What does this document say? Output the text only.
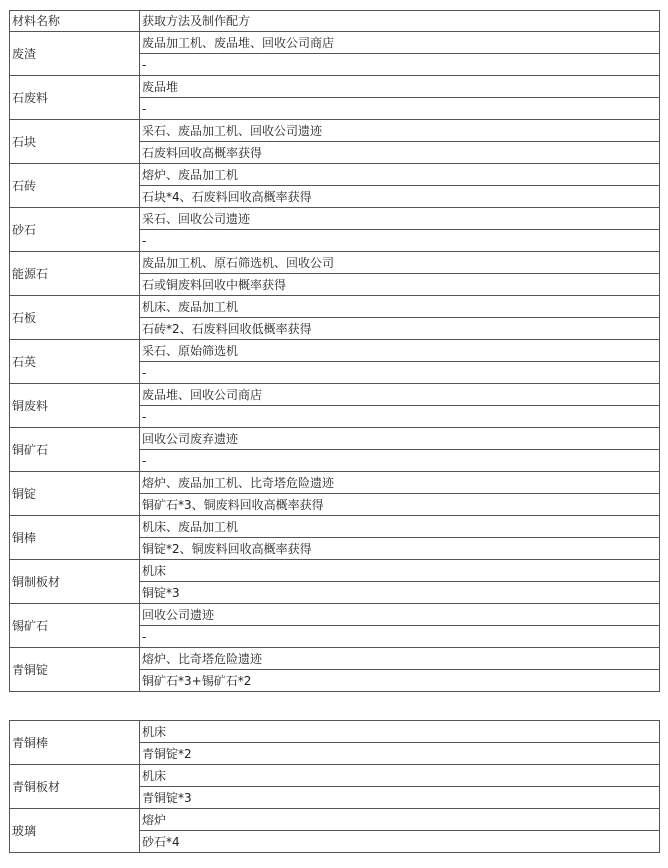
材料名称	获取方法及制作配方
废渣	废品加工机、废品堆、回收公司商店
	-
石废料	废品堆
	-
石块	采石、废品加工机、回收公司遗迹
	石废料回收高概率获得
石砖	熔炉、废品加工机
	石块*4、石废料回收高概率获得
砂石	采石、回收公司遗迹
	-
能源石	废品加工机、原石筛选机、回收公司
	石或铜废料回收中概率获得
石板	机床、废品加工机
	石砖*2、石废料回收低概率获得
石英	采石、原始筛选机
	-
铜废料	废品堆、回收公司商店
	-
铜矿石	回收公司废弃遗迹
	-
铜锭	熔炉、废品加工机、比奇塔危险遗迹
	铜矿石*3、铜废料回收高概率获得
铜棒	机床、废品加工机
	铜锭*2、铜废料回收高概率获得
铜制板材	机床
	铜锭*3
锡矿石	回收公司遗迹
	-
青铜锭	熔炉、比奇塔危险遗迹
	铜矿石*3+锡矿石*2
青铜棒	机床
	青铜锭*2
青铜板材	机床
	青铜锭*3
玻璃	熔炉
	砂石*4
